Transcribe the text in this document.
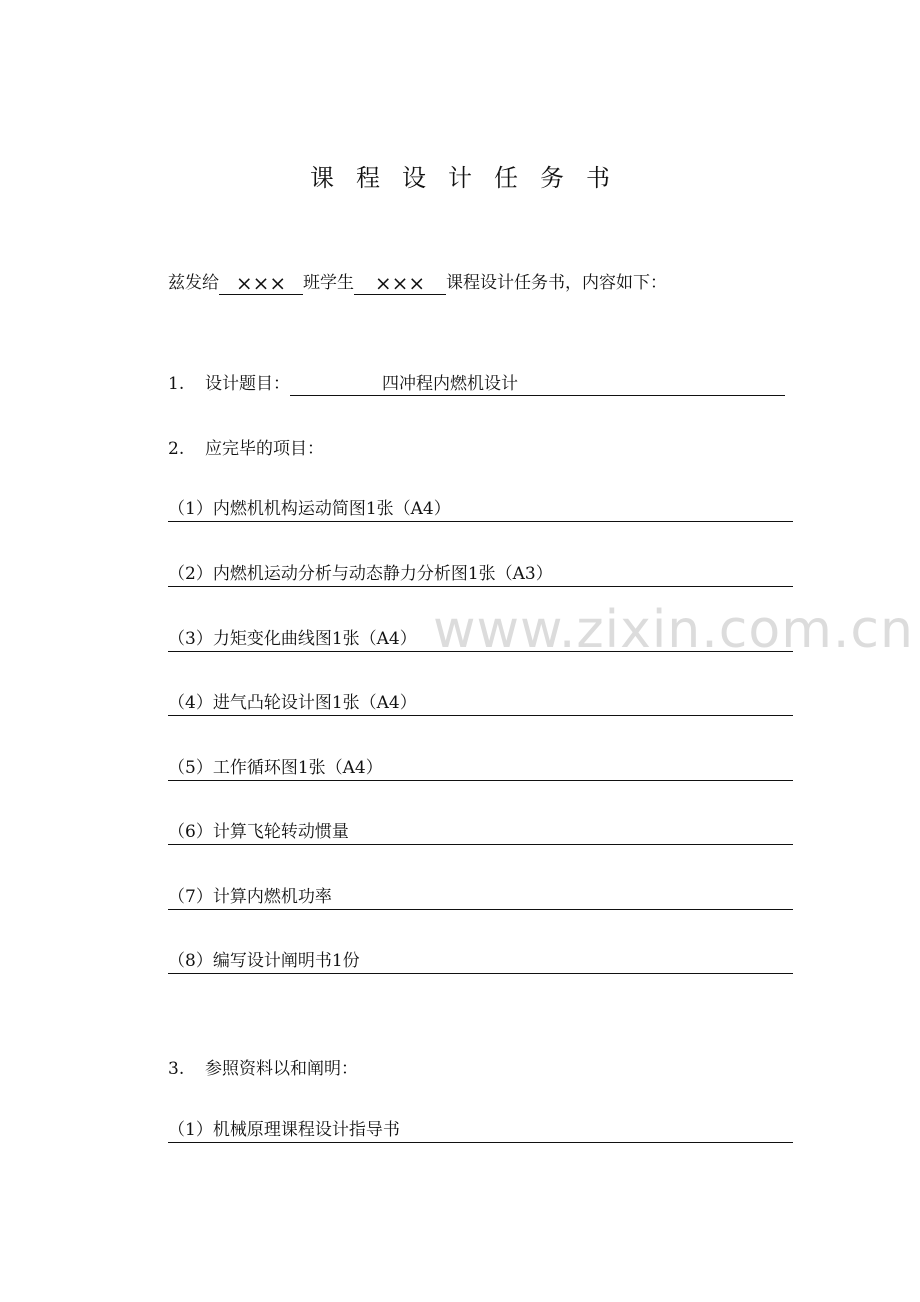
课程设计任务书
兹发给 ××× 班学生 ××× 课程设计任务书，内容如下：
1. 设计题目：	四冲程内燃机设计
2. 应完毕的项目：
（1）内燃机机构运动简图1张（A4）
（2）内燃机运动分析与动态静力分析图1张（A3）
（3）力矩变化曲线图1张（A4）
（4）进气凸轮设计图1张（A4）
（5）工作循环图1张（A4）
（6）计算飞轮转动惯量
（7）计算内燃机功率
（8）编写设计阐明书1份
3. 参照资料以和阐明：
（1）机械原理课程设计指导书
www.zixin.com.cn
